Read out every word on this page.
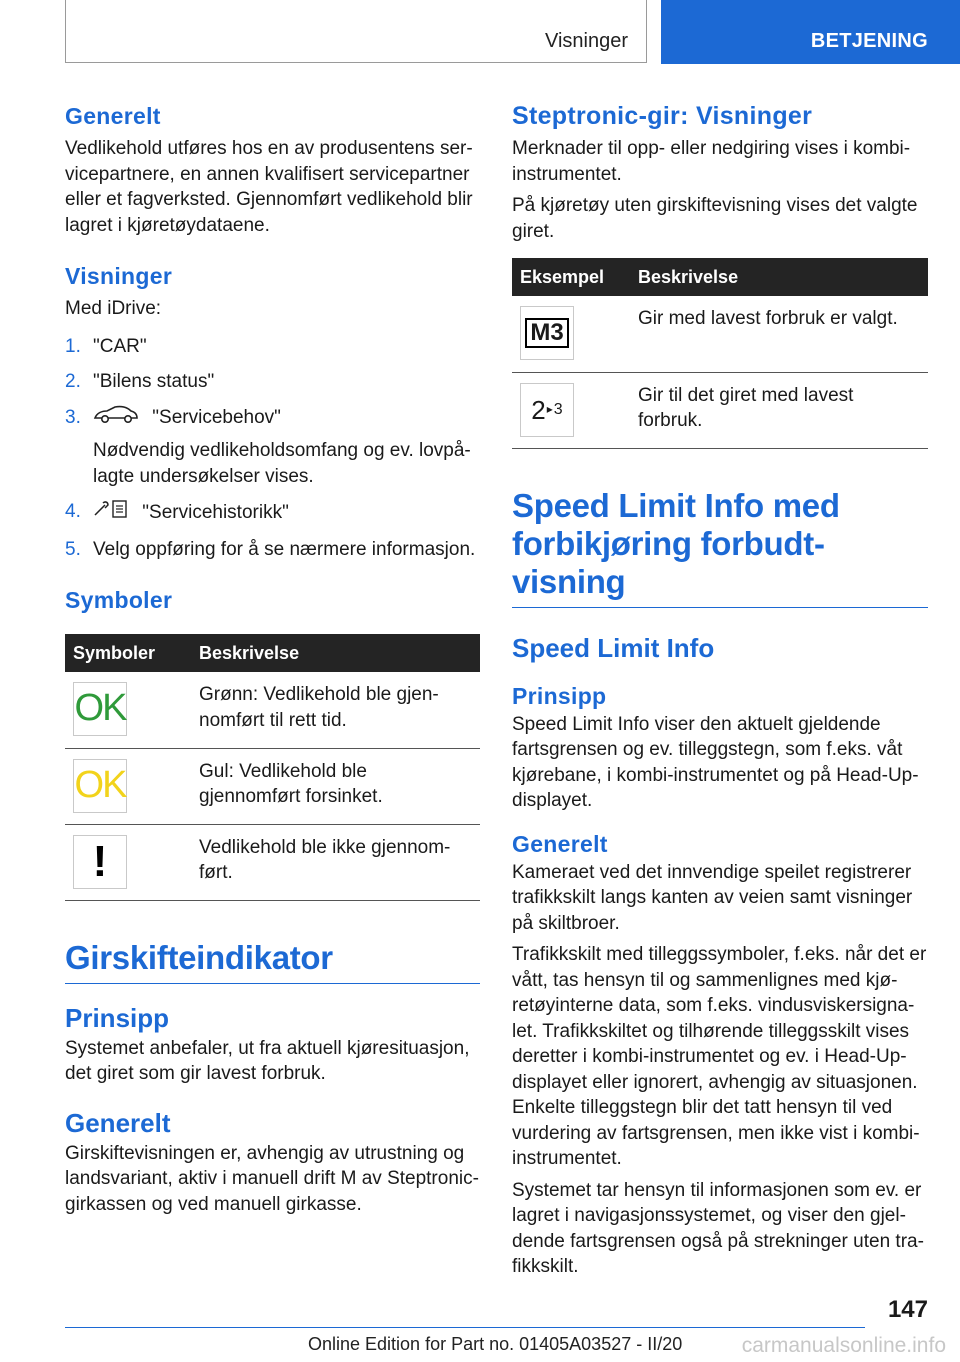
Visninger	BETJENING
Generelt

Vedlikehold utføres hos en av produsentens ser-vicepartnere, en annen kvalifisert servicepartner eller et fagverksted. Gjennomført vedlikehold blir lagret i kjøretøydataene.

Visninger

Med iDrive:

1. "CAR"
2. "Bilens status"
3.	"Servicebehov"
Nødvendig vedlikeholdsomfang og ev. lovpå-lagte undersøkelser vises.
4.	"Servicehistorikk"
5. Velg oppføring for å se nærmere informasjon.
Symboler
Symboler	Beskrivelse

OK	Grønn: Vedlikehold ble gjen-nomført til rett tid.

OK	Gul: Vedlikehold ble gjennomført forsinket.

!	Vedlikehold ble ikke gjennom-ført.
Girskifteindikator
Prinsipp

Systemet anbefaler, ut fra aktuell kjøresituasjon, det giret som gir lavest forbruk.

Generelt

Girskiftevisningen er, avhengig av utrustning og landsvariant, aktiv i manuell drift M av Steptronic-girkassen og ved manuell girkasse.

Steptronic-gir: Visninger

Merknader til opp- eller nedgiring vises i kombi-instrumentet.

På kjøretøy uten girskiftevisning vises det valgte giret.

Eksempel	Beskrivelse

M3	Gir med lavest forbruk er valgt.

2 ▸ 3	Gir til det giret med lavest forbruk.
Speed Limit Info med forbikjøring forbudt-visning
Speed Limit Info
Prinsipp

Speed Limit Info viser den aktuelt gjeldende fartsgrensen og ev. tilleggstegn, som f.eks. våt kjørebane, i kombi-instrumentet og på Head-Up-displayet.

Generelt

Kameraet ved det innvendige speilet registrerer trafikkskilt langs kanten av veien samt visninger på skiltbroer.

Trafikkskilt med tilleggssymboler, f.eks. når det er vått, tas hensyn til og sammenlignes med kjø-retøyinterne data, som f.eks. vindusviskersigna-let. Trafikkskiltet og tilhørende tilleggsskilt vises deretter i kombi-instrumentet og ev. i Head-Up-displayet eller ignorert, avhengig av situasjonen. Enkelte tilleggstegn blir det tatt hensyn til ved vurdering av fartsgrensen, men ikke vist i kombi-instrumentet.

Systemet tar hensyn til informasjonen som ev. er lagret i navigasjonssystemet, og viser den gjel-dende fartsgrensen også på strekninger uten tra-fikkskilt.

147
Online Edition for Part no. 01405A03527 - II/20	carmanualsonline.info
